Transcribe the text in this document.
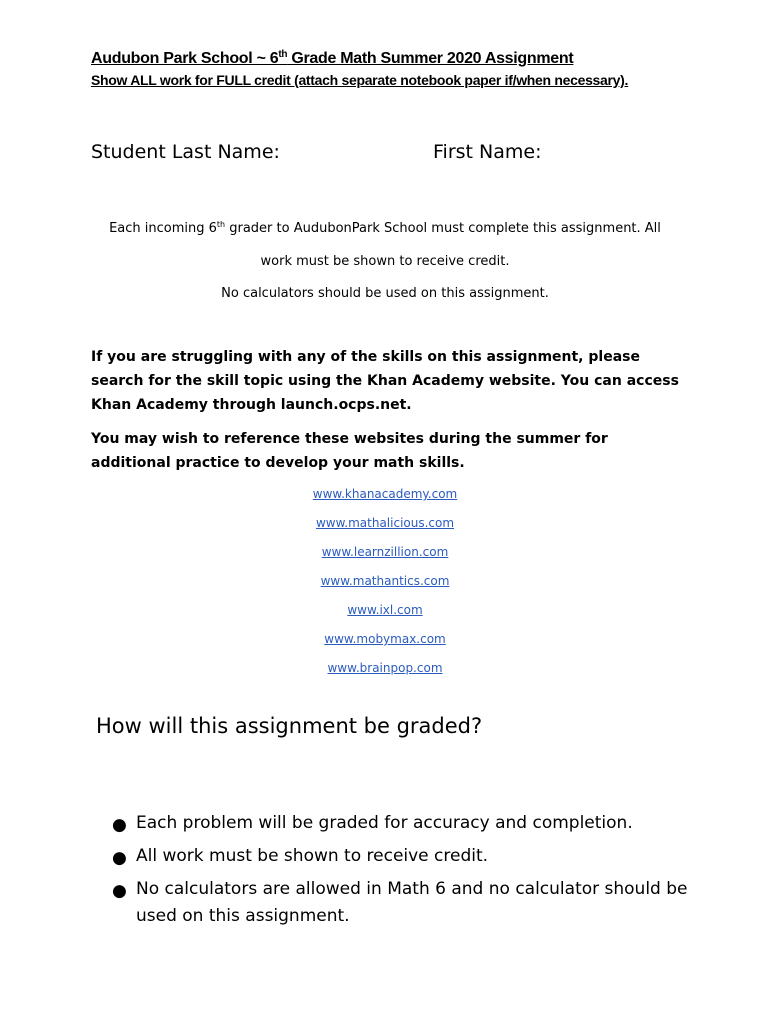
Audubon Park School ~ 6th Grade Math Summer 2020 Assignment
Show ALL work for FULL credit (attach separate notebook paper if/when necessary).
Student Last Name:	First Name:
Each incoming 6th grader to AudubonPark School must complete this assignment. All
work must be shown to receive credit.
No calculators should be used on this assignment.
If you are struggling with any of the skills on this assignment, please search for the skill topic using the Khan Academy website. You can access Khan Academy through launch.ocps.net.
You may wish to reference these websites during the summer for additional practice to develop your math skills.
www.khanacademy.com
www.mathalicious.com
www.learnzillion.com
www.mathantics.com
www.ixl.com
www.mobymax.com
www.brainpop.com
How will this assignment be graded?
● Each problem will be graded for accuracy and completion.
● All work must be shown to receive credit.
● No calculators are allowed in Math 6 and no calculator should be used on this assignment.
